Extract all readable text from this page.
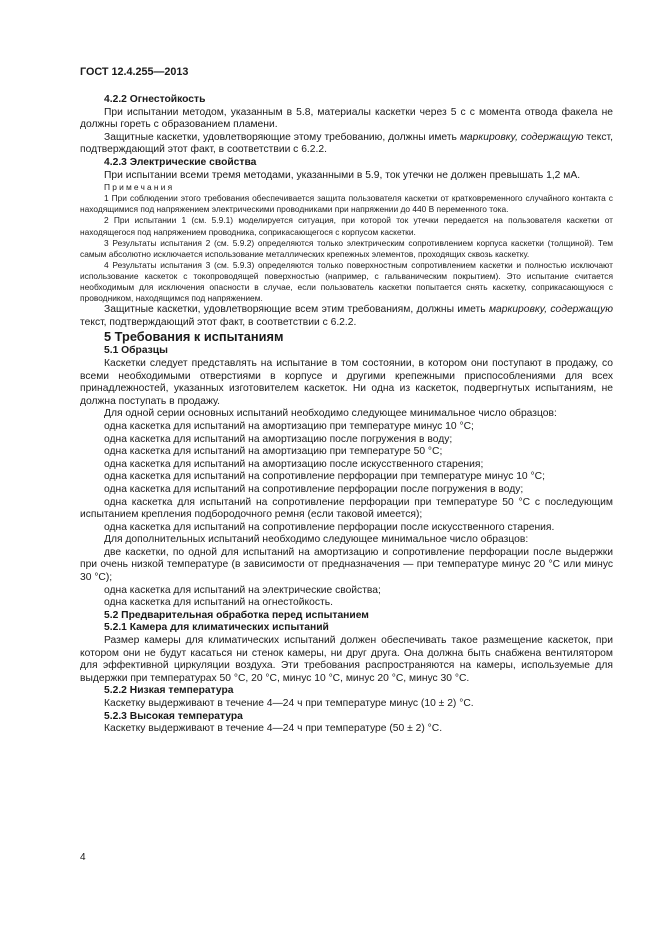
ГОСТ 12.4.255—2013

4.2.2 Огнестойкость

При испытании методом, указанным в 5.8, материалы каскетки через 5 с с момента отвода факела не должны гореть с образованием пламени.

Защитные каскетки, удовлетворяющие этому требованию, должны иметь маркировку, содержащую текст, подтверждающий этот факт, в соответствии с 6.2.2.

4.2.3 Электрические свойства

При испытании всеми тремя методами, указанными в 5.9, ток утечки не должен превышать 1,2 мА.

Примечания

1 При соблюдении этого требования обеспечивается защита пользователя каскетки от кратковременного случайного контакта с находящимися под напряжением электрическими проводниками при напряжении до 440 В переменного тока.

2 При испытании 1 (см. 5.9.1) моделируется ситуация, при которой ток утечки передается на пользователя каскетки от находящегося под напряжением проводника, соприкасающегося с корпусом каскетки.

3 Результаты испытания 2 (см. 5.9.2) определяются только электрическим сопротивлением корпуса каскетки (толщиной). Тем самым абсолютно исключается использование металлических крепежных элементов, проходящих сквозь каскетку.

4 Результаты испытания 3 (см. 5.9.3) определяются только поверхностным сопротивлением каскетки и полностью исключают использование каскеток с токопроводящей поверхностью (например, с гальваническим покрытием). Это испытание считается необходимым для исключения опасности в случае, если пользователь каскетки попытается снять каскетку, соприкасающуюся с проводником, находящимся под напряжением.

Защитные каскетки, удовлетворяющие всем этим требованиям, должны иметь маркировку, содержащую текст, подтверждающий этот факт, в соответствии с 6.2.2.

5 Требования к испытаниям

5.1 Образцы

Каскетки следует представлять на испытание в том состоянии, в котором они поступают в продажу, со всеми необходимыми отверстиями в корпусе и другими крепежными приспособлениями для всех принадлежностей, указанных изготовителем каскеток. Ни одна из каскеток, подвергнутых испытаниям, не должна поступать в продажу.

Для одной серии основных испытаний необходимо следующее минимальное число образцов:

одна каскетка для испытаний на амортизацию при температуре минус 10 °С;

одна каскетка для испытаний на амортизацию после погружения в воду;

одна каскетка для испытаний на амортизацию при температуре 50 °С;

одна каскетка для испытаний на амортизацию после искусственного старения;

одна каскетка для испытаний на сопротивление перфорации при температуре минус 10 °С;

одна каскетка для испытаний на сопротивление перфорации после погружения в воду;

одна каскетка для испытаний на сопротивление перфорации при температуре 50 °С с последующим испытанием крепления подбородочного ремня (если таковой имеется);

одна каскетка для испытаний на сопротивление перфорации после искусственного старения.

Для дополнительных испытаний необходимо следующее минимальное число образцов:

две каскетки, по одной для испытаний на амортизацию и сопротивление перфорации после выдержки при очень низкой температуре (в зависимости от предназначения — при температуре минус 20 °С или минус 30 °С);

одна каскетка для испытаний на электрические свойства;

одна каскетка для испытаний на огнестойкость.

5.2 Предварительная обработка перед испытанием

5.2.1 Камера для климатических испытаний

Размер камеры для климатических испытаний должен обеспечивать такое размещение каскеток, при котором они не будут касаться ни стенок камеры, ни друг друга. Она должна быть снабжена вентилятором для эффективной циркуляции воздуха. Эти требования распространяются на камеры, используемые для выдержки при температурах 50 °С, 20 °С, минус 10 °С, минус 20 °С, минус 30 °С.

5.2.2 Низкая температура

Каскетку выдерживают в течение 4—24 ч при температуре минус (10 ± 2) °С.

5.2.3 Высокая температура

Каскетку выдерживают в течение 4—24 ч при температуре (50 ± 2) °С.

4
